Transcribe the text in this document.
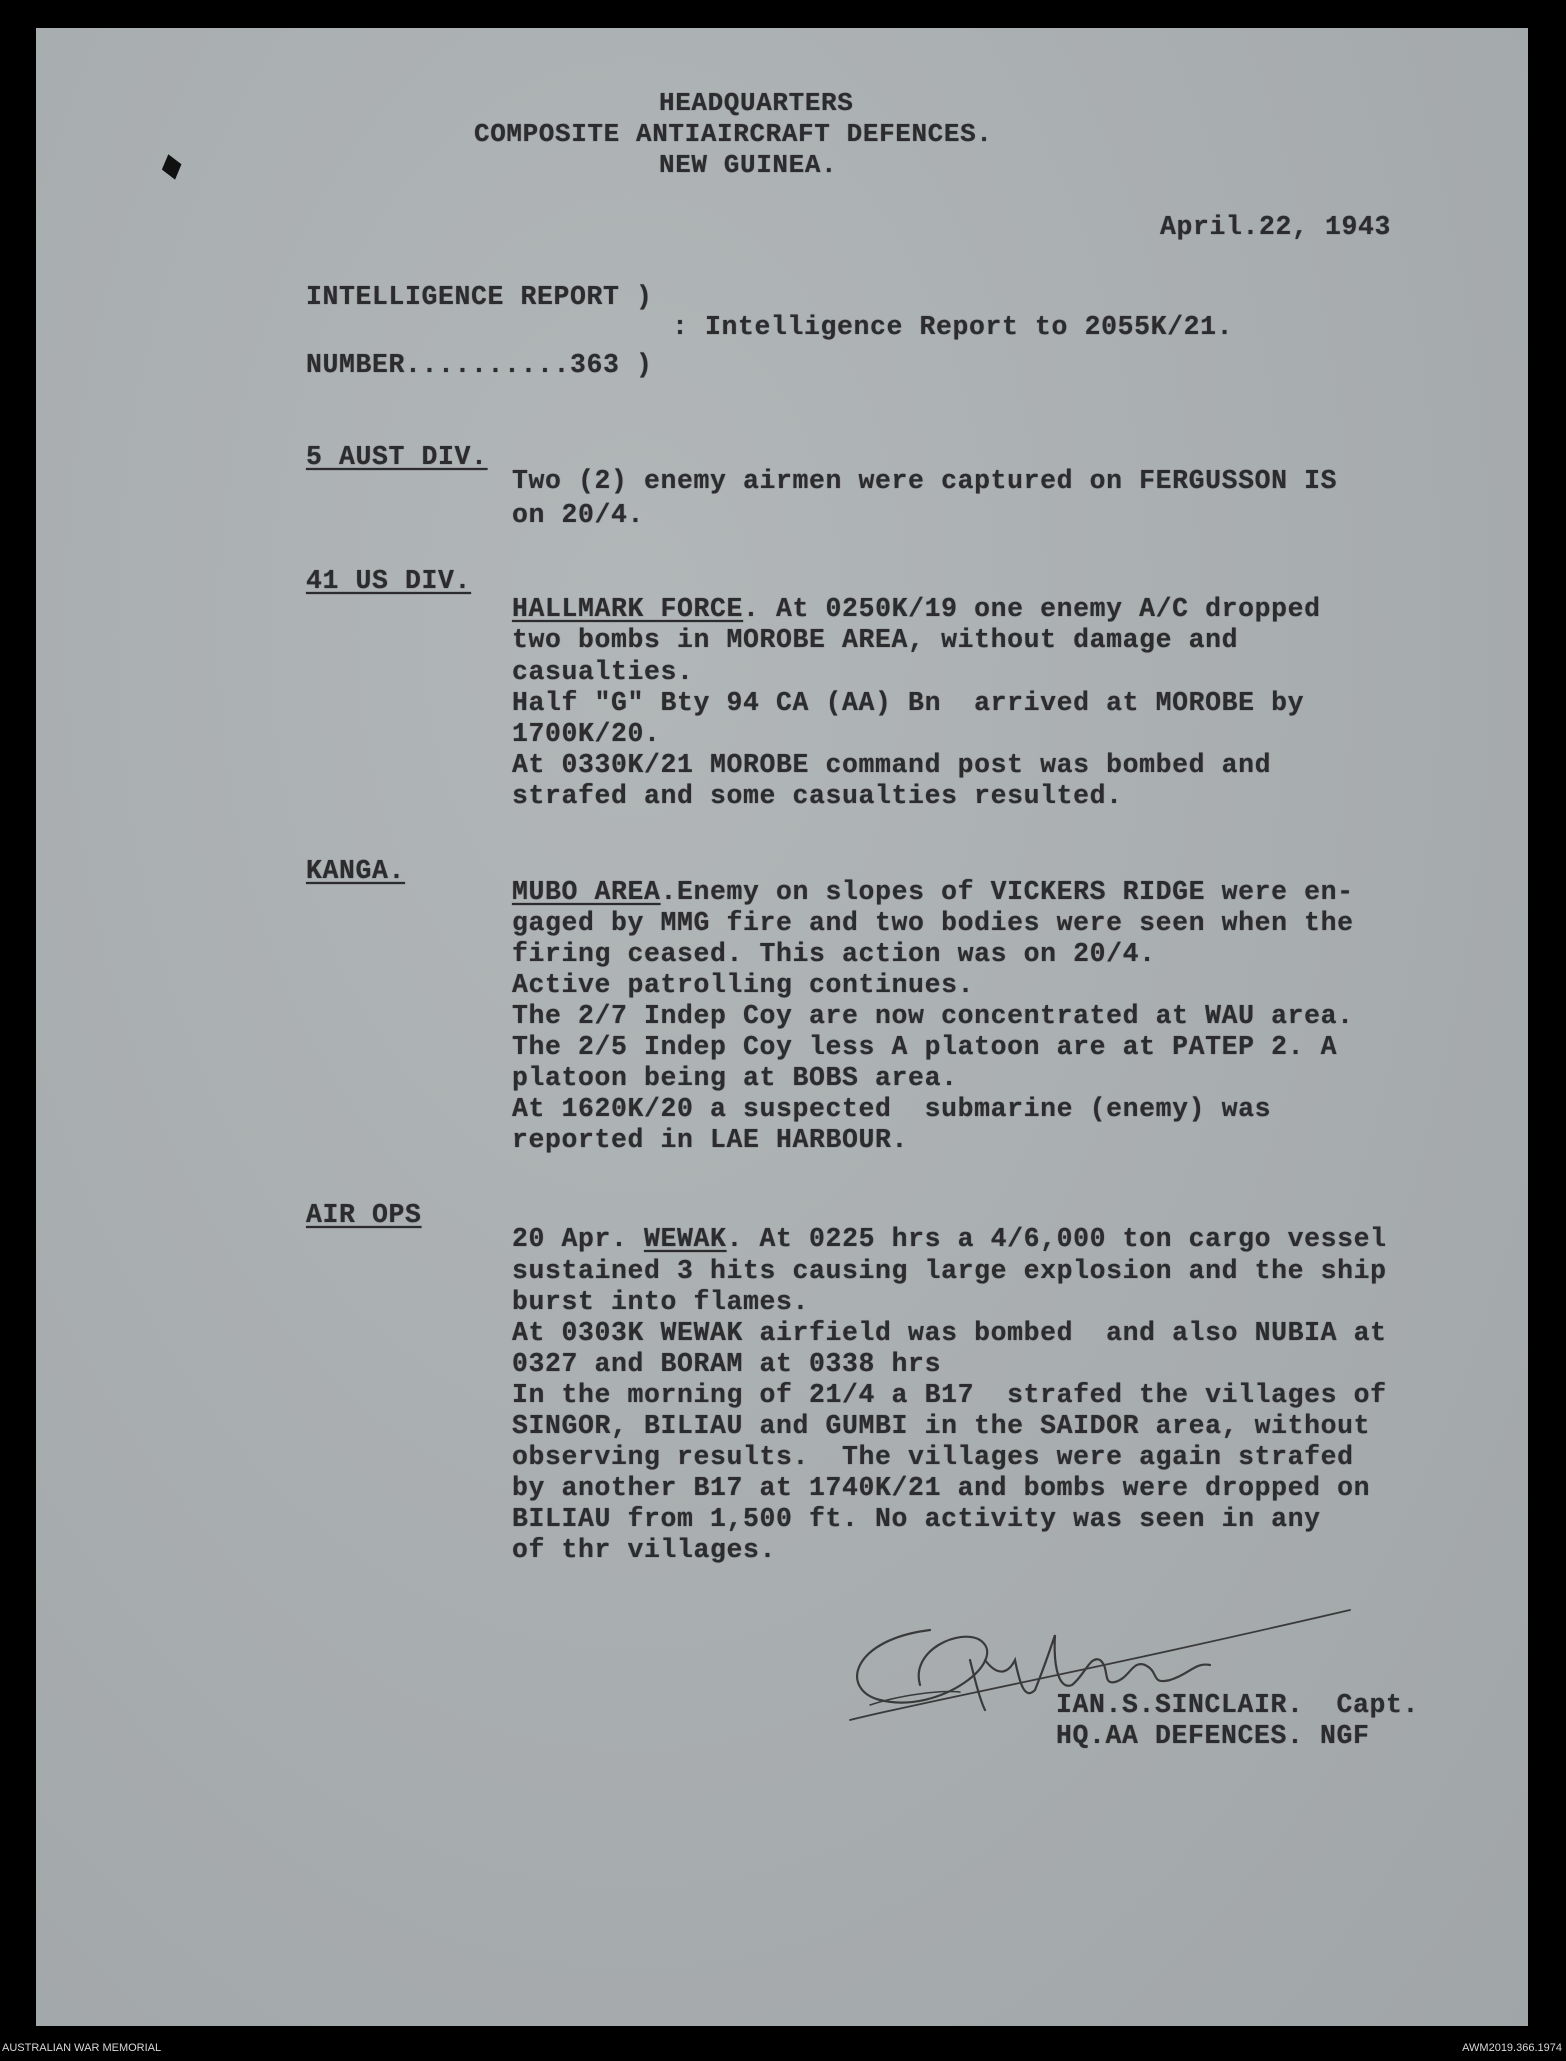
♦
HEADQUARTERS
COMPOSITE ANTIAIRCRAFT DEFENCES.
NEW GUINEA.
April.22, 1943
INTELLIGENCE REPORT )
: Intelligence Report to 2055K/21.
NUMBER..........363 )
5 AUST DIV.
Two (2) enemy airmen were captured on FERGUSSON IS
on 20/4.
41 US DIV.
HALLMARK FORCE. At 0250K/19 one enemy A/C dropped
two bombs in MOROBE AREA, without damage and
casualties.
Half "G" Bty 94 CA (AA) Bn  arrived at MOROBE by
1700K/20.
At 0330K/21 MOROBE command post was bombed and
strafed and some casualties resulted.
KANGA.
MUBO AREA.Enemy on slopes of VICKERS RIDGE were en-
gaged by MMG fire and two bodies were seen when the
firing ceased. This action was on 20/4.
Active patrolling continues.
The 2/7 Indep Coy are now concentrated at WAU area.
The 2/5 Indep Coy less A platoon are at PATEP 2. A
platoon being at BOBS area.
At 1620K/20 a suspected  submarine (enemy) was
reported in LAE HARBOUR.
AIR OPS
20 Apr. WEWAK. At 0225 hrs a 4/6,000 ton cargo vessel
sustained 3 hits causing large explosion and the ship
burst into flames.
At 0303K WEWAK airfield was bombed  and also NUBIA at
0327 and BORAM at 0338 hrs
In the morning of 21/4 a B17  strafed the villages of
SINGOR, BILIAU and GUMBI in the SAIDOR area, without
observing results.  The villages were again strafed
by another B17 at 1740K/21 and bombs were dropped on
BILIAU from 1,500 ft. No activity was seen in any
of thr villages.
IAN.S.SINCLAIR.  Capt.
HQ.AA DEFENCES. NGF
AUSTRALIAN WAR MEMORIAL	AWM2019.366.1974
